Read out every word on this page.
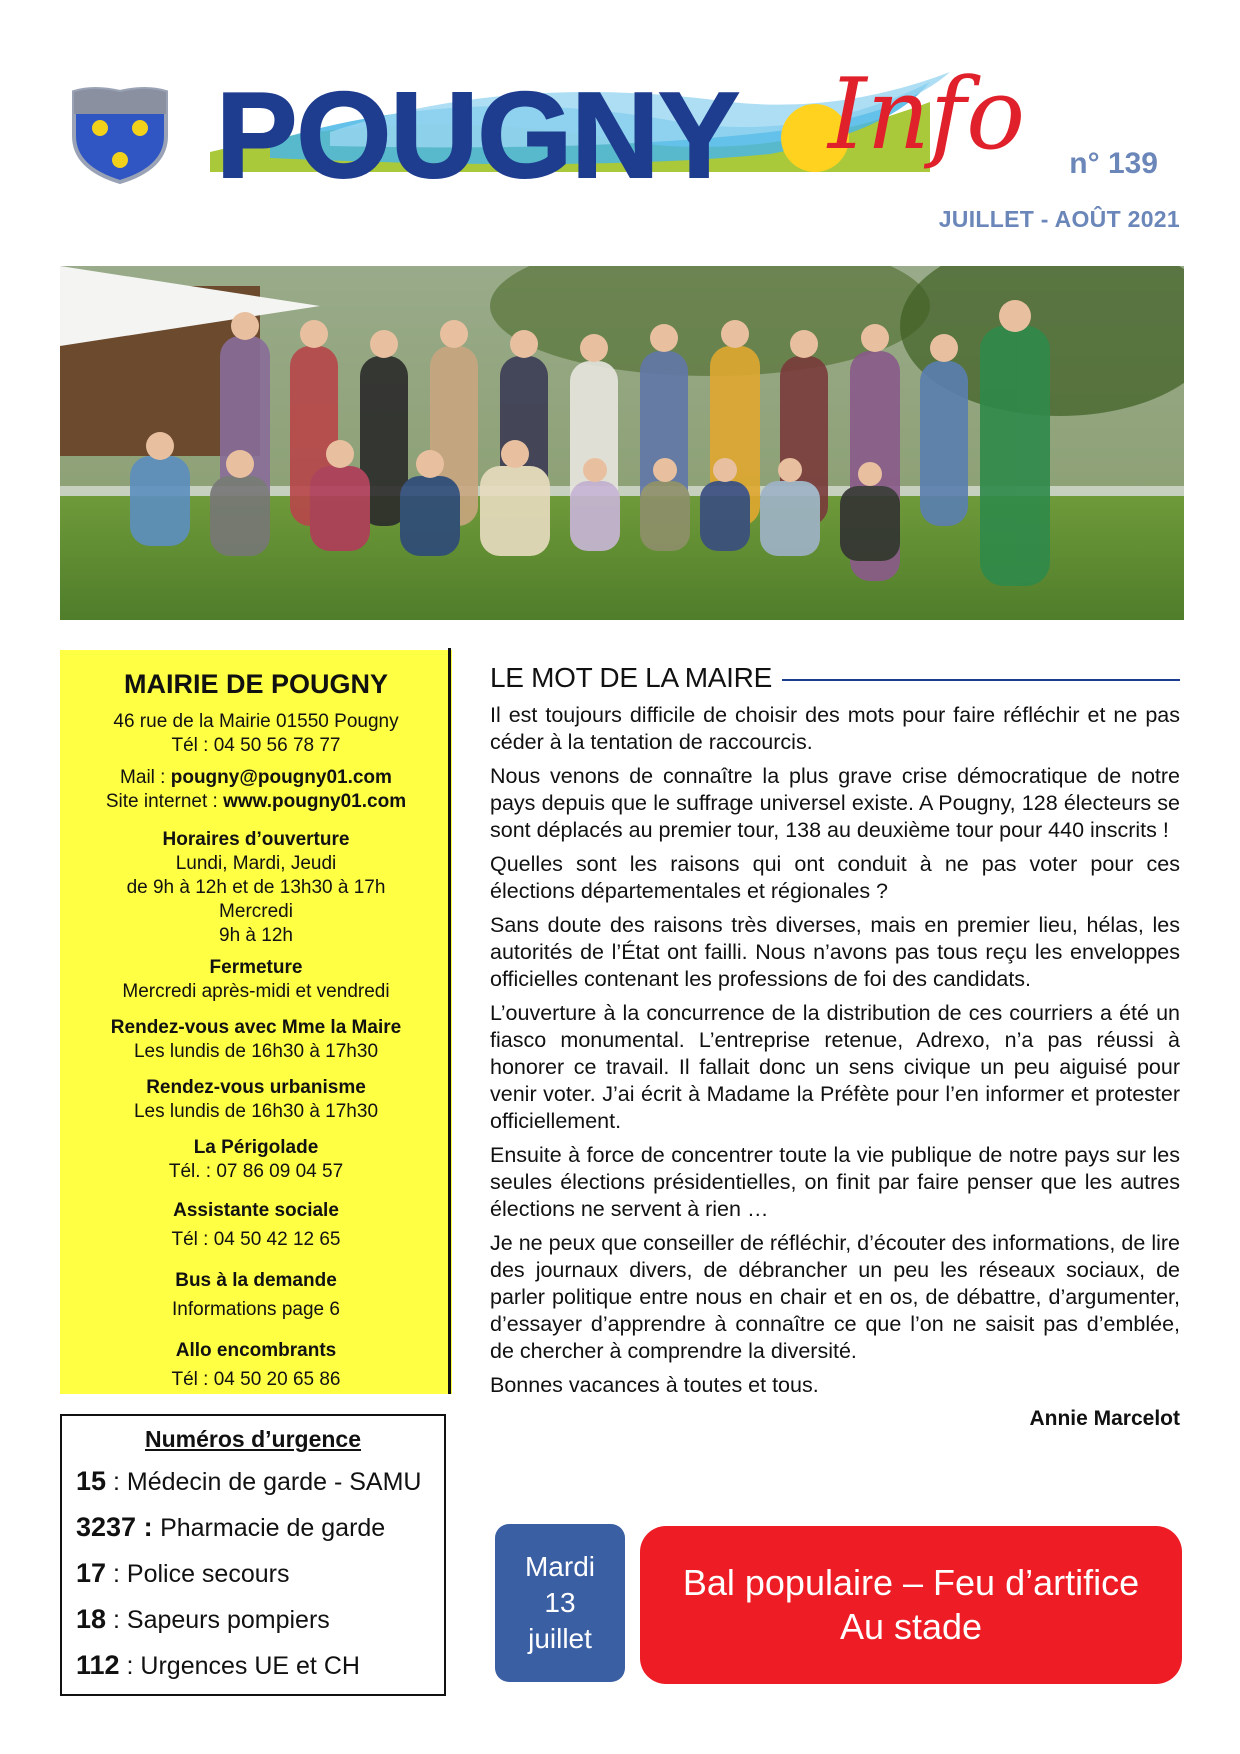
POUGNY Info n° 139
JUILLET - AOÛT 2021
MAIRIE DE POUGNY
46 rue de la Mairie 01550 Pougny
Tél : 04 50 56 78 77
Mail : pougny@pougny01.com
Site internet : www.pougny01.com
Horaires d’ouverture
Lundi, Mardi, Jeudi
de 9h à 12h et de 13h30 à 17h
Mercredi
9h à 12h
Fermeture
Mercredi après-midi et vendredi
Rendez-vous avec Mme la Maire
Les lundis de 16h30 à 17h30
Rendez-vous urbanisme
Les lundis de 16h30 à 17h30
La Périgolade
Tél. : 07 86 09 04 57
Assistante sociale
Tél : 04 50 42 12 65
Bus à la demande
Informations page 6
Allo encombrants
Tél : 04 50 20 65 86
Numéros d’urgence
15 : Médecin de garde - SAMU
3237 : Pharmacie de garde
17 : Police secours
18 : Sapeurs pompiers
112 : Urgences UE et CH
LE MOT DE LA MAIRE

Il est toujours difficile de choisir des mots pour faire réfléchir et ne pas céder à la tentation de raccourcis.

Nous venons de connaître la plus grave crise démocratique de notre pays depuis que le suffrage universel existe. A Pougny, 128 électeurs se sont déplacés au premier tour, 138 au deuxième tour pour 440 inscrits !

Quelles sont les raisons qui ont conduit à ne pas voter pour ces élections départementales et régionales ?

Sans doute des raisons très diverses, mais en premier lieu, hélas, les autorités de l’État ont failli. Nous n’avons pas tous reçu les enveloppes officielles contenant les professions de foi des candidats.

L’ouverture à la concurrence de la distribution de ces courriers a été un fiasco monumental. L’entreprise retenue, Adrexo, n’a pas réussi à honorer ce travail. Il fallait donc un sens civique un peu aiguisé pour venir voter. J’ai écrit à Madame la Préfète pour l’en informer et protester officiellement.

Ensuite à force de concentrer toute la vie publique de notre pays sur les seules élections présidentielles, on finit par faire penser que les autres élections ne servent à rien …

Je ne peux que conseiller de réfléchir, d’écouter des informations, de lire des journaux divers, de débrancher un peu les réseaux sociaux, de parler politique entre nous en chair et en os, de débattre, d’argumenter, d’essayer d’apprendre à connaître ce que l’on ne saisit pas d’emblée, de chercher à comprendre la diversité.

Bonnes vacances à toutes et tous.

Annie Marcelot
Mardi
13
juillet
Bal populaire – Feu d’artifice
Au stade
